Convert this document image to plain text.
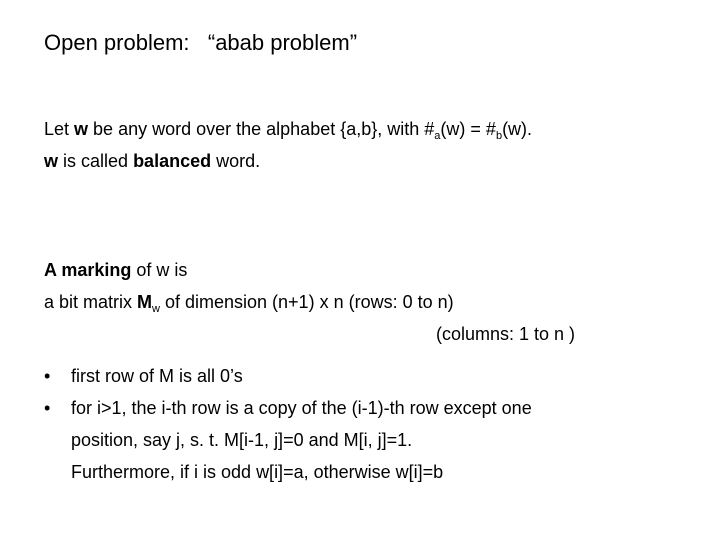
Open problem:   “abab problem”
Let w be any word over the alphabet {a,b}, with $\#_a(w)$ = $\#_b(w)$.
w is called balanced word.
A marking of w is
a bit matrix $M_w$ of dimension (n+1) x n (rows: 0 to n)
(columns: 1 to n )
• first row of M is all 0’s
• for i>1, the i-th row is a copy of the (i-1)-th row except one
position, say j, s. t. M[i-1, j]=0 and M[i, j]=1.
Furthermore, if i is odd w[i]=a, otherwise w[i]=b
